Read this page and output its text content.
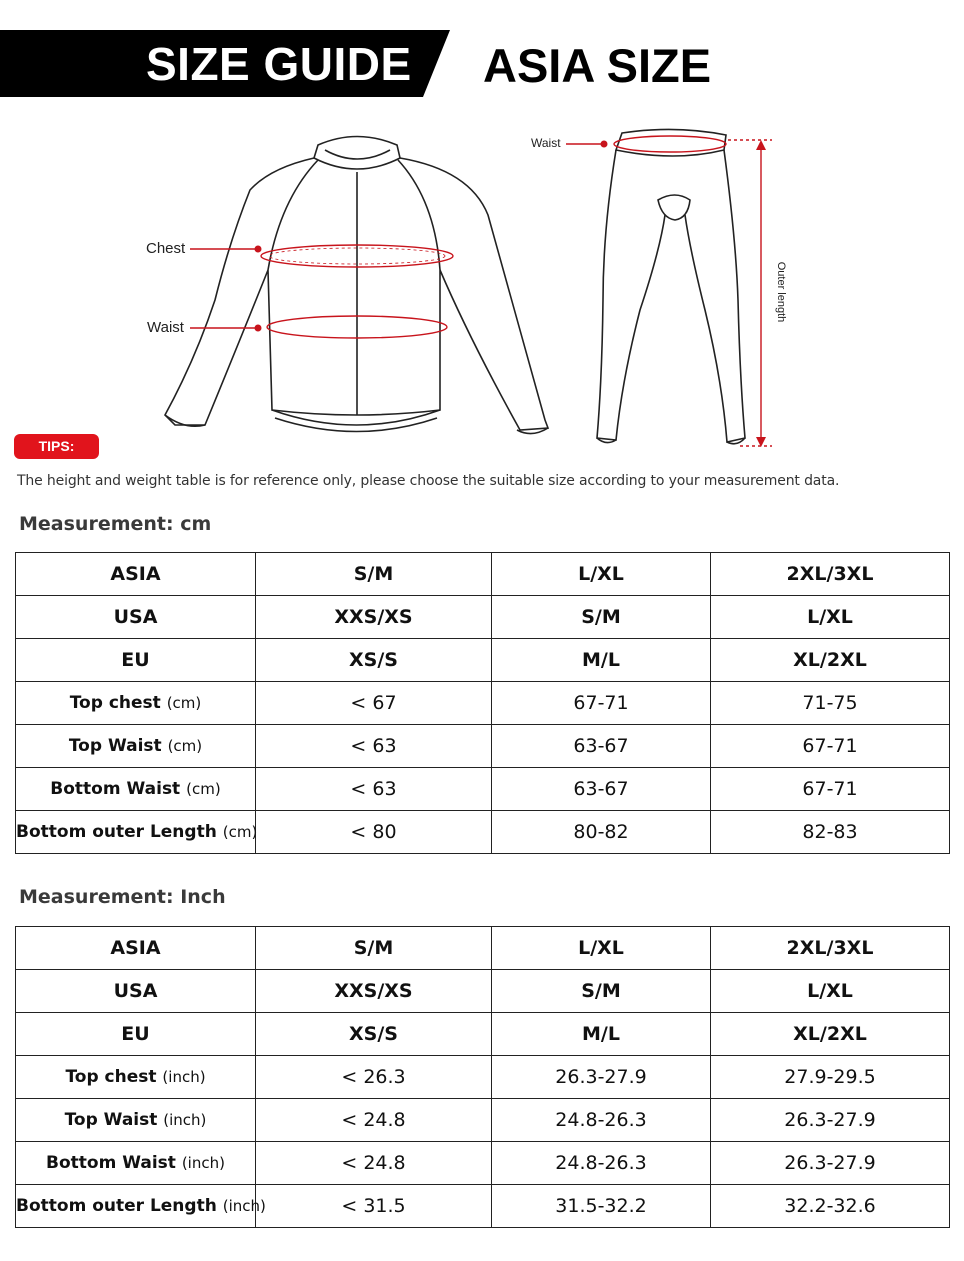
SIZE GUIDE ASIA SIZE
Chest
Waist
Waist
Outer length
TIPS:
The height and weight table is for reference only, please choose the suitable size according to your measurement data.
Measurement: cm
ASIA	S/M	L/XL	2XL/3XL
USA	XXS/XS	S/M	L/XL
EU	XS/S	M/L	XL/2XL
Top chest (cm)	< 67	67-71	71-75
Top Waist (cm)	< 63	63-67	67-71
Bottom Waist (cm)	< 63	63-67	67-71
Bottom outer Length (cm)	< 80	80-82	82-83
Measurement: Inch
ASIA	S/M	L/XL	2XL/3XL
USA	XXS/XS	S/M	L/XL
EU	XS/S	M/L	XL/2XL
Top chest (inch)	< 26.3	26.3-27.9	27.9-29.5
Top Waist (inch)	< 24.8	24.8-26.3	26.3-27.9
Bottom Waist (inch)	< 24.8	24.8-26.3	26.3-27.9
Bottom outer Length (inch)	< 31.5	31.5-32.2	32.2-32.6
